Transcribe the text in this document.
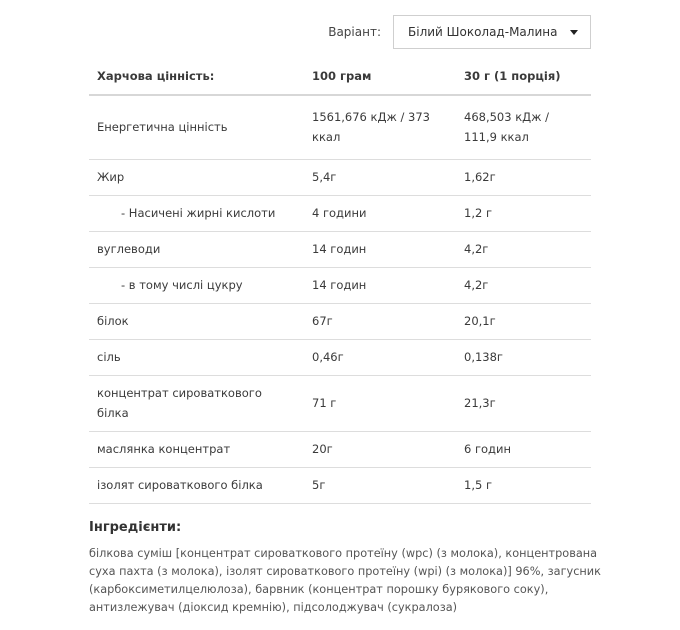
Варіант: Білий Шоколад-Малина
Харчова цінність:	100 грам	30 г (1 порція)
Енергетична цінність	1561,676 кДж / 373 ккал	468,503 кДж / 111,9 ккал
Жир	5,4г	1,62г
- Насичені жирні кислоти	4 години	1,2 г
вуглеводи	14 годин	4,2г
- в тому числі цукру	14 годин	4,2г
білок	67г	20,1г
сіль	0,46г	0,138г
концентрат сироваткового білка	71 г	21,3г
маслянка концентрат	20г	6 годин
ізолят сироваткового білка	5г	1,5 г
Інгредієнти:
білкова суміш [концентрат сироваткового протеїну (wpc) (з молока), концентрована суха пахта (з молока), ізолят сироваткового протеїну (wpi) (з молока)] 96%, загусник (карбоксиметилцелюлоза), барвник (концентрат порошку бурякового соку), антизлежувач (діоксид кремнію), підсолоджувач (сукралоза)
